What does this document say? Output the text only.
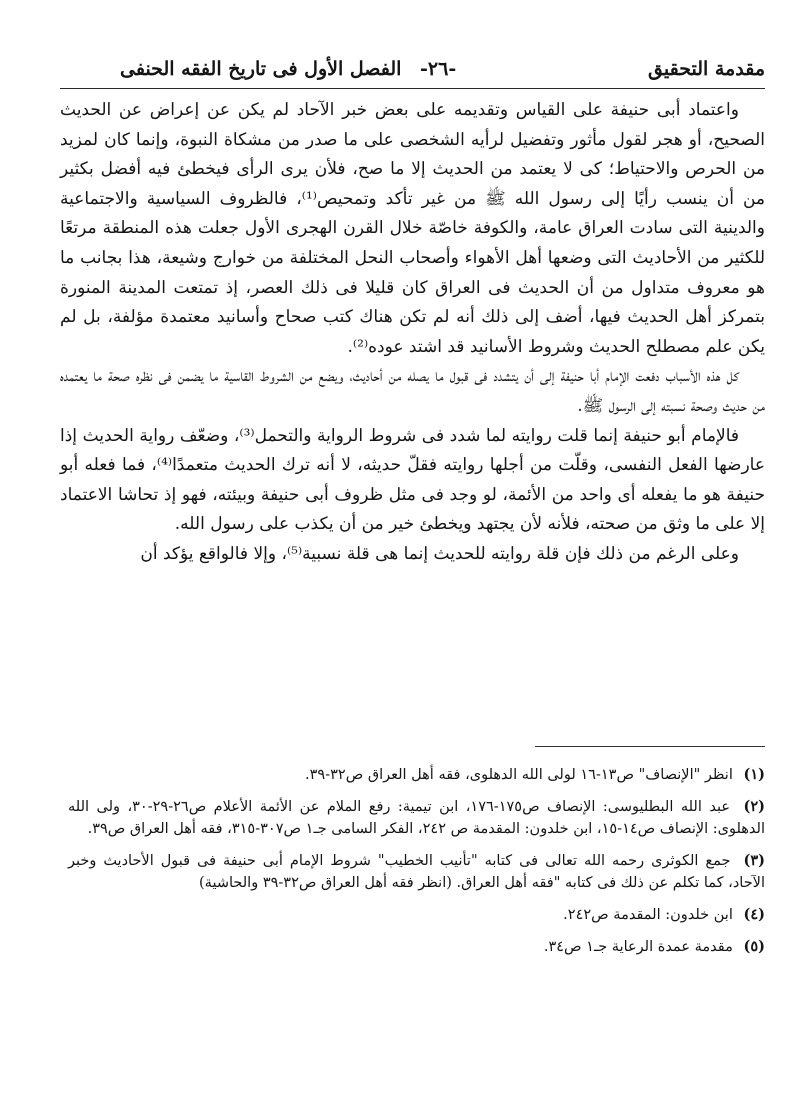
مقدمة التحقيق
-٢٦-
الفصل الأول فى تاريخ الفقه الحنفى

واعتماد أبى حنيفة على القياس وتقديمه على بعض خبر الآحاد لم يكن عن إعراض عن الحديث الصحيح، أو هجر لقول مأثور وتفضيل لرأيه الشخصى على ما صدر من مشكاة النبوة، وإنما كان لمزيد من الحرص والاحتياط؛ كى لا يعتمد من الحديث إلا ما صح، فلأن يرى الرأى فيخطئ فيه أفضل بكثير من أن ينسب رأيًا إلى رسول الله ﷺ من غير تأكد وتمحيص⁽¹⁾، فالظروف السياسية والاجتماعية والدينية التى سادت العراق عامة، والكوفة خاصّة خلال القرن الهجرى الأول جعلت هذه المنطقة مرتعًا للكثير من الأحاديث التى وضعها أهل الأهواء وأصحاب النحل المختلفة من خوارج وشيعة، هذا بجانب ما هو معروف متداول من أن الحديث فى العراق كان قليلا فى ذلك العصر، إذ تمتعت المدينة المنورة بتمركز أهل الحديث فيها، أضف إلى ذلك أنه لم تكن هناك كتب صحاح وأسانيد معتمدة مؤلفة، بل لم يكن علم مصطلح الحديث وشروط الأسانيد قد اشتد عوده⁽²⁾.

كل هذه الأسباب دفعت الإمام أبا حنيفة إلى أن يتشدد فى قبول ما يصله من أحاديث، ويضع من الشروط القاسية ما يضمن فى نظره صحة ما يعتمده من حديث وصحة نسبته إلى الرسول ﷺ.

فالإمام أبو حنيفة إنما قلت روايته لما شدد فى شروط الرواية والتحمل⁽³⁾، وضعّف رواية الحديث إذا عارضها الفعل النفسى، وقلّت من أجلها روايته فقلّ حديثه، لا أنه ترك الحديث متعمدًا⁽⁴⁾، فما فعله أبو حنيفة هو ما يفعله أى واحد من الأئمة، لو وجد فى مثل ظروف أبى حنيفة وبيئته، فهو إذ تحاشا الاعتماد إلا على ما وثق من صحته، فلأنه لأن يجتهد ويخطئ خير من أن يكذب على رسول الله.

وعلى الرغم من ذلك فإن قلة روايته للحديث إنما هى قلة نسبية⁽⁵⁾، وإلا فالواقع يؤكد أن

(١) انظر "الإنصاف" ص١٣-١٦ لولى الله الدهلوى، فقه أهل العراق ص٣٢-٣٩.

(٢) عبد الله البطليوسى: الإنصاف ص١٧٥-١٧٦، ابن تيمية: رفع الملام عن الأئمة الأعلام ص٢٦-٢٩-٣٠، ولى الله الدهلوى: الإنصاف ص١٤-١٥، ابن خلدون: المقدمة ص ٢٤٢، الفكر السامى جـ١ ص٣٠٧-٣١٥، فقه أهل العراق ص٣٩.

(٣) جمع الكوثرى رحمه الله تعالى فى كتابه "تأنيب الخطيب" شروط الإمام أبى حنيفة فى قبول الأحاديث وخبر الآحاد، كما تكلم عن ذلك فى كتابه "فقه أهل العراق. (انظر فقه أهل العراق ص٣٢-٣٩ والحاشية)

(٤) ابن خلدون: المقدمة ص٢٤٢.

(٥) مقدمة عمدة الرعاية جـ١ ص٣٤.
